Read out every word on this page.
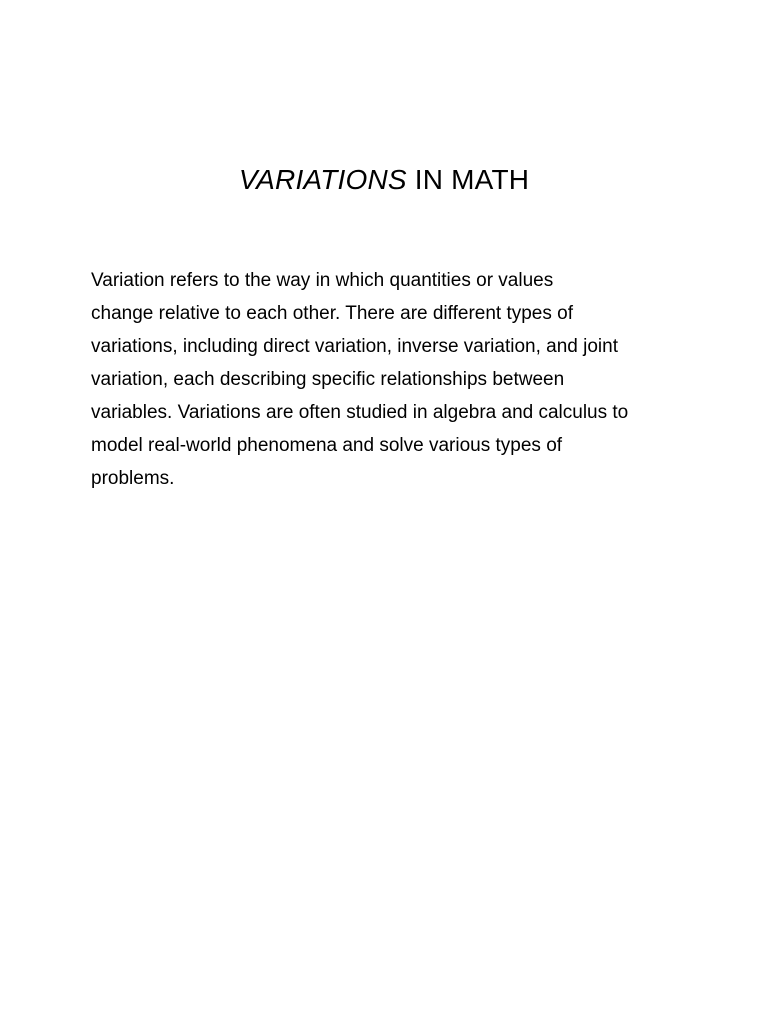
VARIATIONS IN MATH

Variation refers to the way in which quantities or values
change relative to each other. There are different types of
variations, including direct variation, inverse variation, and joint
variation, each describing specific relationships between
variables. Variations are often studied in algebra and calculus to
model real-world phenomena and solve various types of
problems.
